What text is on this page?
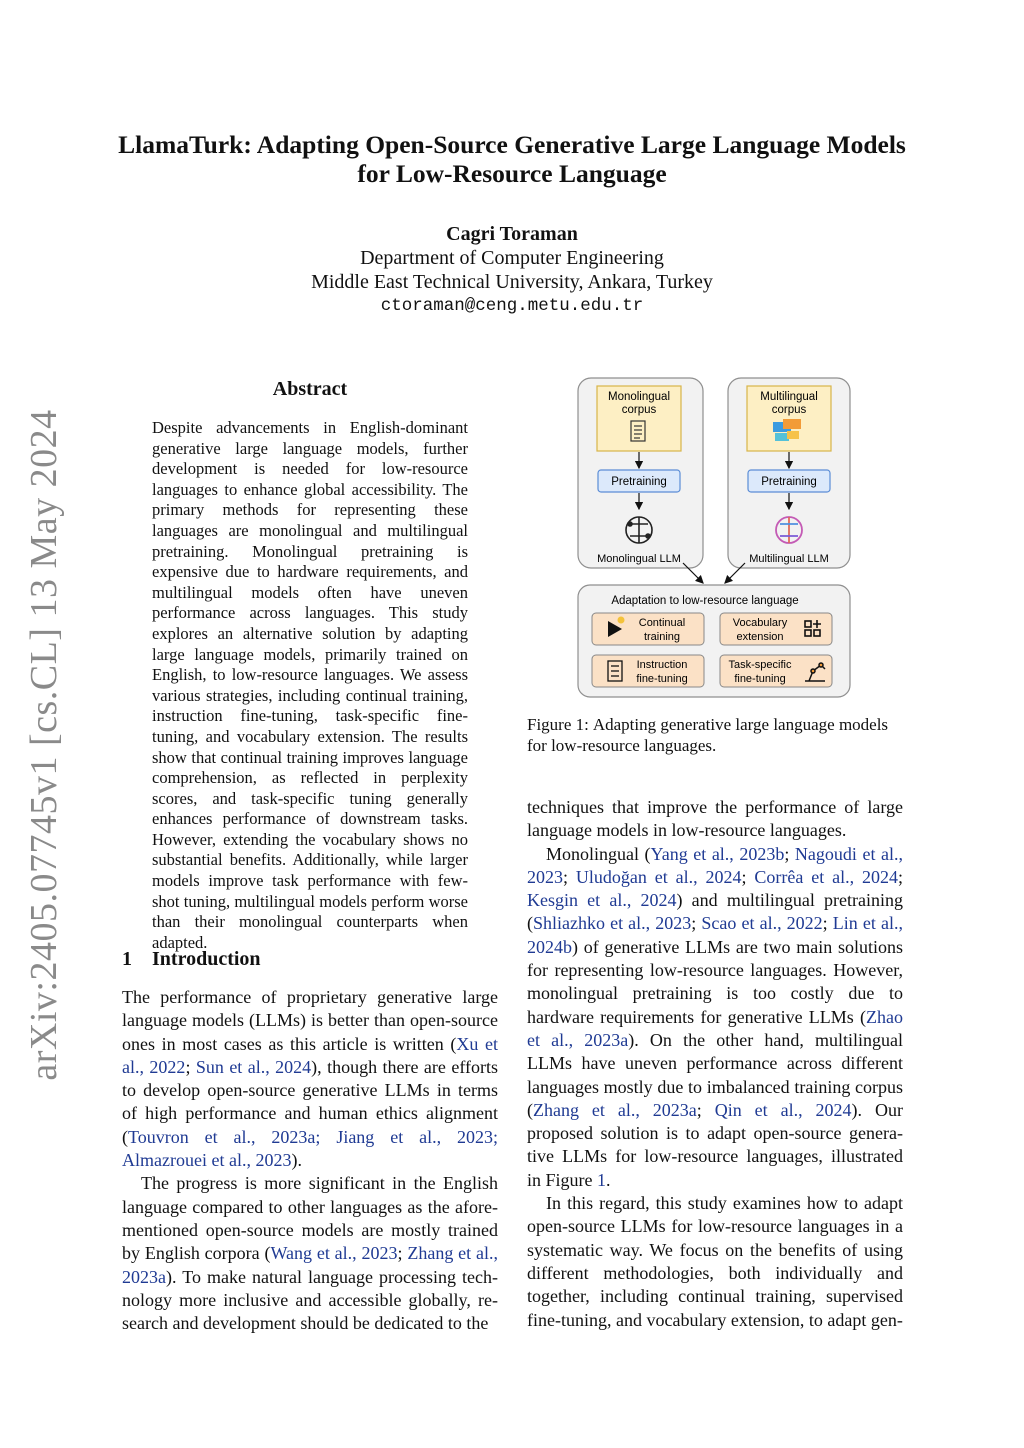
arXiv:2405.07745v1 [cs.CL] 13 May 2024
LlamaTurk: Adapting Open-Source Generative Large Language Models
for Low-Resource Language
Cagri Toraman
Department of Computer Engineering
Middle East Technical University, Ankara, Turkey
ctoraman@ceng.metu.edu.tr
Abstract

Despite advancements in English-dominant generative large language models, further development is needed for low-resource languages to enhance global accessibility. The primary methods for representing these languages are monolingual and multilingual pretraining. Monolingual pretraining is expensive due to hardware requirements, and multilingual models often have uneven performance across languages. This study explores an alternative solution by adapting large language models, primarily trained on English, to low-resource languages. We assess various strategies, including continual training, instruction fine-tuning, task-specific fine-tuning, and vocabulary extension. The results show that continual training improves language comprehension, as reflected in perplexity scores, and task-specific tuning generally enhances performance of downstream tasks. However, extending the vocabulary shows no substantial benefits. Additionally, while larger models improve task performance with few-shot tuning, multilingual models perform worse than their monolingual counterparts when adapted.

1 Introduction

The performance of proprietary generative large language models (LLMs) is better than open-source ones in most cases as this article is written (Xu et al., 2022; Sun et al., 2024), though there are efforts to develop open-source generative LLMs in terms of high performance and human ethics alignment (Touvron et al., 2023a; Jiang et al., 2023; Almazrouei et al., 2023).

The progress is more significant in the English language compared to other languages as the aforementioned open-source models are mostly trained by English corpora (Wang et al., 2023; Zhang et al., 2023a). To make natural language processing technology more inclusive and accessible globally, research and development should be dedicated to the

Monolingual
corpus
Pretraining
Monolingual LLM
Multilingual
corpus
Pretraining
Multilingual LLM
Adaptation to low-resource language
Continual
training
Vocabulary
extension
Instruction
fine-tuning
Task-specific
fine-tuning

Figure 1: Adapting generative large language models for low-resource languages.

techniques that improve the performance of large language models in low-resource languages.

Monolingual (Yang et al., 2023b; Nagoudi et al., 2023; Uludoğan et al., 2024; Corrêa et al., 2024; Kesgin et al., 2024) and multilingual pretraining (Shliazhko et al., 2023; Scao et al., 2022; Lin et al., 2024b) of generative LLMs are two main solutions for representing low-resource languages. However, monolingual pretraining is too costly due to hardware requirements for generative LLMs (Zhao et al., 2023a). On the other hand, multilingual LLMs have uneven performance across different languages mostly due to imbalanced training corpus (Zhang et al., 2023a; Qin et al., 2024). Our proposed solution is to adapt open-source generative LLMs for low-resource languages, illustrated in Figure 1.

In this regard, this study examines how to adapt open-source LLMs for low-resource languages in a systematic way. We focus on the benefits of using different methodologies, both individually and together, including continual training, supervised fine-tuning, and vocabulary extension, to adapt gen-
